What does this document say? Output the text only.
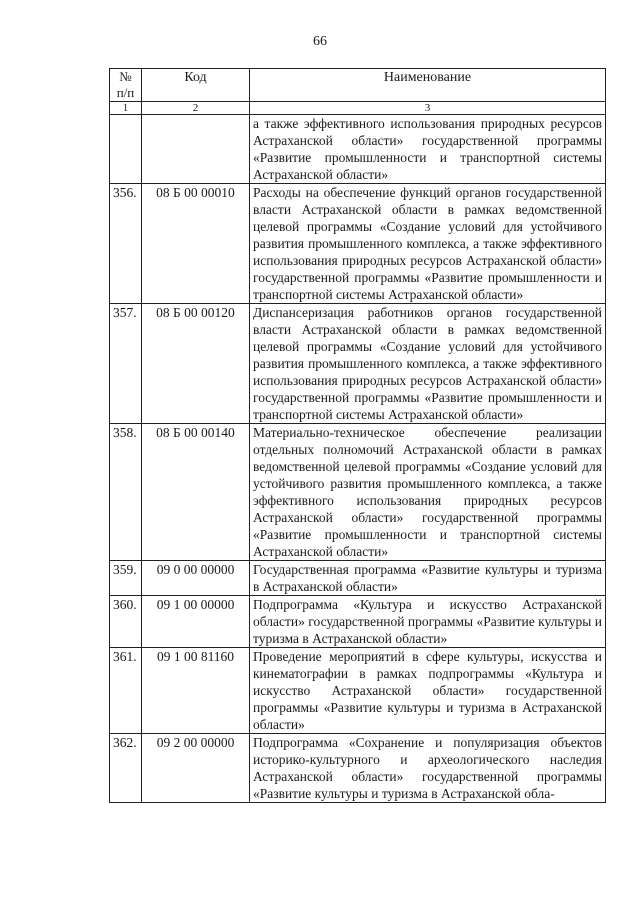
66
№
п/п	Код	Наименование
1	2	3
		а также эффективного использования природных ресурсов Астраханской области» государственной программы «Развитие промышленности и транспортной системы Астраханской области»
356.	08 Б 00 00010	Расходы на обеспечение функций органов государственной власти Астраханской области в рамках ведомственной целевой программы «Создание условий для устойчивого развития промышленного комплекса, а также эффективного использования природных ресурсов Астраханской области» государственной программы «Развитие промышленности и транспортной системы Астраханской области»
357.	08 Б 00 00120	Диспансеризация работников органов государственной власти Астраханской области в рамках ведомственной целевой программы «Создание условий для устойчивого развития промышленного комплекса, а также эффективного использования природных ресурсов Астраханской области» государственной программы «Развитие промышленности и транспортной системы Астраханской области»
358.	08 Б 00 00140	Материально-техническое обеспечение реализации отдельных полномочий Астраханской области в рамках ведомственной целевой программы «Создание условий для устойчивого развития промышленного комплекса, а также эффективного использования природных ресурсов Астраханской области» государственной программы «Развитие промышленности и транспортной системы Астраханской области»
359.	09 0 00 00000	Государственная программа «Развитие культуры и туризма в Астраханской области»
360.	09 1 00 00000	Подпрограмма «Культура и искусство Астраханской области» государственной программы «Развитие культуры и туризма в Астраханской области»
361.	09 1 00 81160	Проведение мероприятий в сфере культуры, искусства и кинематографии в рамках подпрограммы «Культура и искусство Астраханской области» государственной программы «Развитие культуры и туризма в Астраханской области»
362.	09 2 00 00000	Подпрограмма «Сохранение и популяризация объектов историко-культурного и археологического наследия Астраханской области» государственной программы «Развитие культуры и туризма в Астраханской обла-
